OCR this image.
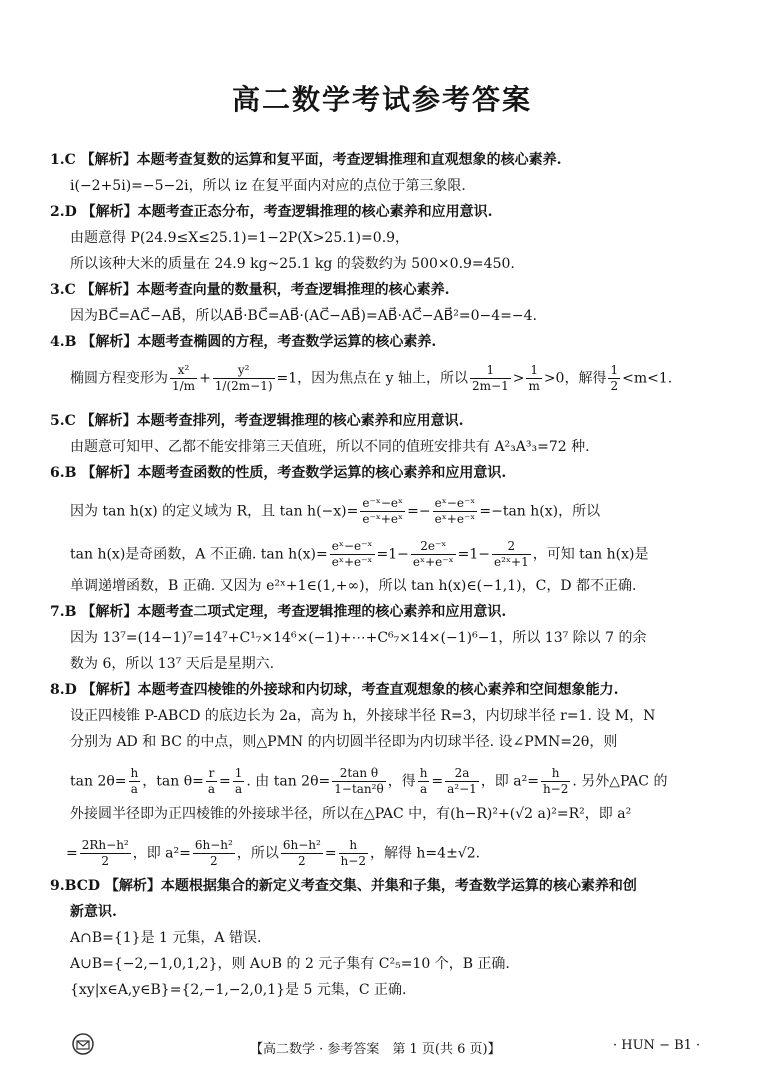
高二数学考试参考答案
1.C 【解析】本题考查复数的运算和复平面，考查逻辑推理和直观想象的核心素养.
i(−2+5i)=−5−2i，所以 iz 在复平面内对应的点位于第三象限.
2.D 【解析】本题考查正态分布，考查逻辑推理的核心素养和应用意识.
由题意得 P(24.9≤X≤25.1)=1−2P(X>25.1)=0.9，
所以该种大米的质量在 24.9 kg~25.1 kg 的袋数约为 500×0.9=450.
3.C 【解析】本题考查向量的数量积，考查逻辑推理的核心素养.
因为BC⃗=AC⃗−AB⃗，所以AB⃗·BC⃗=AB⃗·(AC⃗−AB⃗)=AB⃗·AC⃗−AB⃗²=0−4=−4.
4.B 【解析】本题考查椭圆的方程，考查数学运算的核心素养.
椭圆方程变形为 $\frac{\text{x²}}{1/m} + \frac{\text{y²}}{1/(2m-1)} =1$，因为焦点在 y 轴上，所以 $\frac{1}{2m-1} > \frac{1}{m} >0$，解得 $\frac{1}{2} <m<1$.
5.C 【解析】本题考查排列，考查逻辑推理的核心素养和应用意识.
由题意可知甲、乙都不能安排第三天值班，所以不同的值班安排共有 A²₃A³₃=72 种.
6.B 【解析】本题考查函数的性质，考查数学运算的核心素养和应用意识.
因为 tan h(x) 的定义域为 R，且 $\tan h(-x)= \frac{\text{e⁻ˣ−eˣ}}{\text{e⁻ˣ+eˣ}} =- \frac{\text{eˣ−e⁻ˣ}}{\text{eˣ+e⁻ˣ}} =-\tan$ h(x)，所以
tan h(x)是奇函数，A 不正确. $\tan h(x)= \frac{\text{eˣ−e⁻ˣ}}{\text{eˣ+e⁻ˣ}} =1- \frac{\text{2e⁻ˣ}}{\text{eˣ+e⁻ˣ}} =1- \frac{2}{\text{e²ˣ+1}}$ ，可知 tan h(x)是
单调递增函数，B 正确. 又因为 e²ˣ+1∈(1,+∞)，所以 tan h(x)∈(−1,1)，C，D 都不正确.
7.B 【解析】本题考查二项式定理，考查逻辑推理的核心素养和应用意识.
因为 13⁷=(14−1)⁷=14⁷+C¹₇×14⁶×(−1)+⋯+C⁶₇×14×(−1)⁶−1，所以 13⁷ 除以 7 的余
数为 6，所以 13⁷ 天后是星期六.
8.D 【解析】本题考查四棱锥的外接球和内切球，考查直观想象的核心素养和空间想象能力.
设正四棱锥 P-ABCD 的底边长为 2a，高为 h，外接球半径 R=3，内切球半径 r=1. 设 M，N
分别为 AD 和 BC 的中点，则△PMN 的内切圆半径即为内切球半径. 设∠PMN=2θ，则
$\tan 2\theta= \frac{h}{a}$ ，$\tan \theta= \frac{r}{a} = \frac{1}{a}$ . 由 $\tan 2\theta= \frac{\text{2tan θ}}{\text{1−tan²θ}}$ ，得 $\frac{h}{a} = \frac{2a}{\text{a²−1}}$ ，即 $a^2= \frac{h}{h-2}$ . 另外△PAC 的
外接圆半径即为正四棱锥的外接球半径，所以在△PAC 中，有(h−R)²+(√2 a)²=R²，即 a²
= $\frac{\text{2Rh−h²}}{2}$ ，即 $a^2= \frac{\text{6h−h²}}{2}$ ，所以 $\frac{\text{6h−h²}}{2} = \frac{h}{h-2}$ ，解得 h=4±√2.
9.BCD 【解析】本题根据集合的新定义考查交集、并集和子集，考查数学运算的核心素养和创
新意识.
A∩B={1}是 1 元集，A 错误.
A∪B={−2,−1,0,1,2}，则 A∪B 的 2 元子集有 C²₅=10 个，B 正确.
{xy|x∈A,y∈B}={2,−1,−2,0,1}是 5 元集，C 正确.
【高二数学 · 参考答案　第 1 页(共 6 页)】	· HUN − B1 ·
